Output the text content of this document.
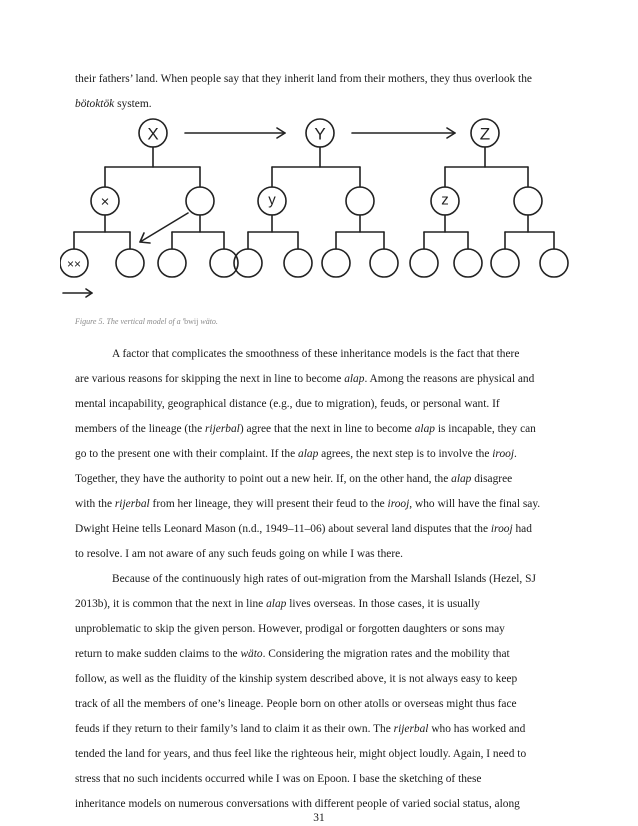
their fathers’ land. When people say that they inherit land from their mothers, they thus overlook the
bötoktök system.
X	Y	Z
×	y	z
××
Figure 5. The vertical model of a 'bwij wäto.
A factor that complicates the smoothness of these inheritance models is the fact that there
are various reasons for skipping the next in line to become alap. Among the reasons are physical and
mental incapability, geographical distance (e.g., due to migration), feuds, or personal want. If
members of the lineage (the rijerbal) agree that the next in line to become alap is incapable, they can
go to the present one with their complaint. If the alap agrees, the next step is to involve the irooj.
Together, they have the authority to point out a new heir. If, on the other hand, the alap disagree
with the rijerbal from her lineage, they will present their feud to the irooj, who will have the final say.
Dwight Heine tells Leonard Mason (n.d., 1949–11–06) about several land disputes that the irooj had
to resolve. I am not aware of any such feuds going on while I was there.
Because of the continuously high rates of out-migration from the Marshall Islands (Hezel, SJ
2013b), it is common that the next in line alap lives overseas. In those cases, it is usually
unproblematic to skip the given person. However, prodigal or forgotten daughters or sons may
return to make sudden claims to the wäto. Considering the migration rates and the mobility that
follow, as well as the fluidity of the kinship system described above, it is not always easy to keep
track of all the members of one’s lineage. People born on other atolls or overseas might thus face
feuds if they return to their family’s land to claim it as their own. The rijerbal who has worked and
tended the land for years, and thus feel like the righteous heir, might object loudly. Again, I need to
stress that no such incidents occurred while I was on Epoon. I base the sketching of these
inheritance models on numerous conversations with different people of varied social status, along
31
